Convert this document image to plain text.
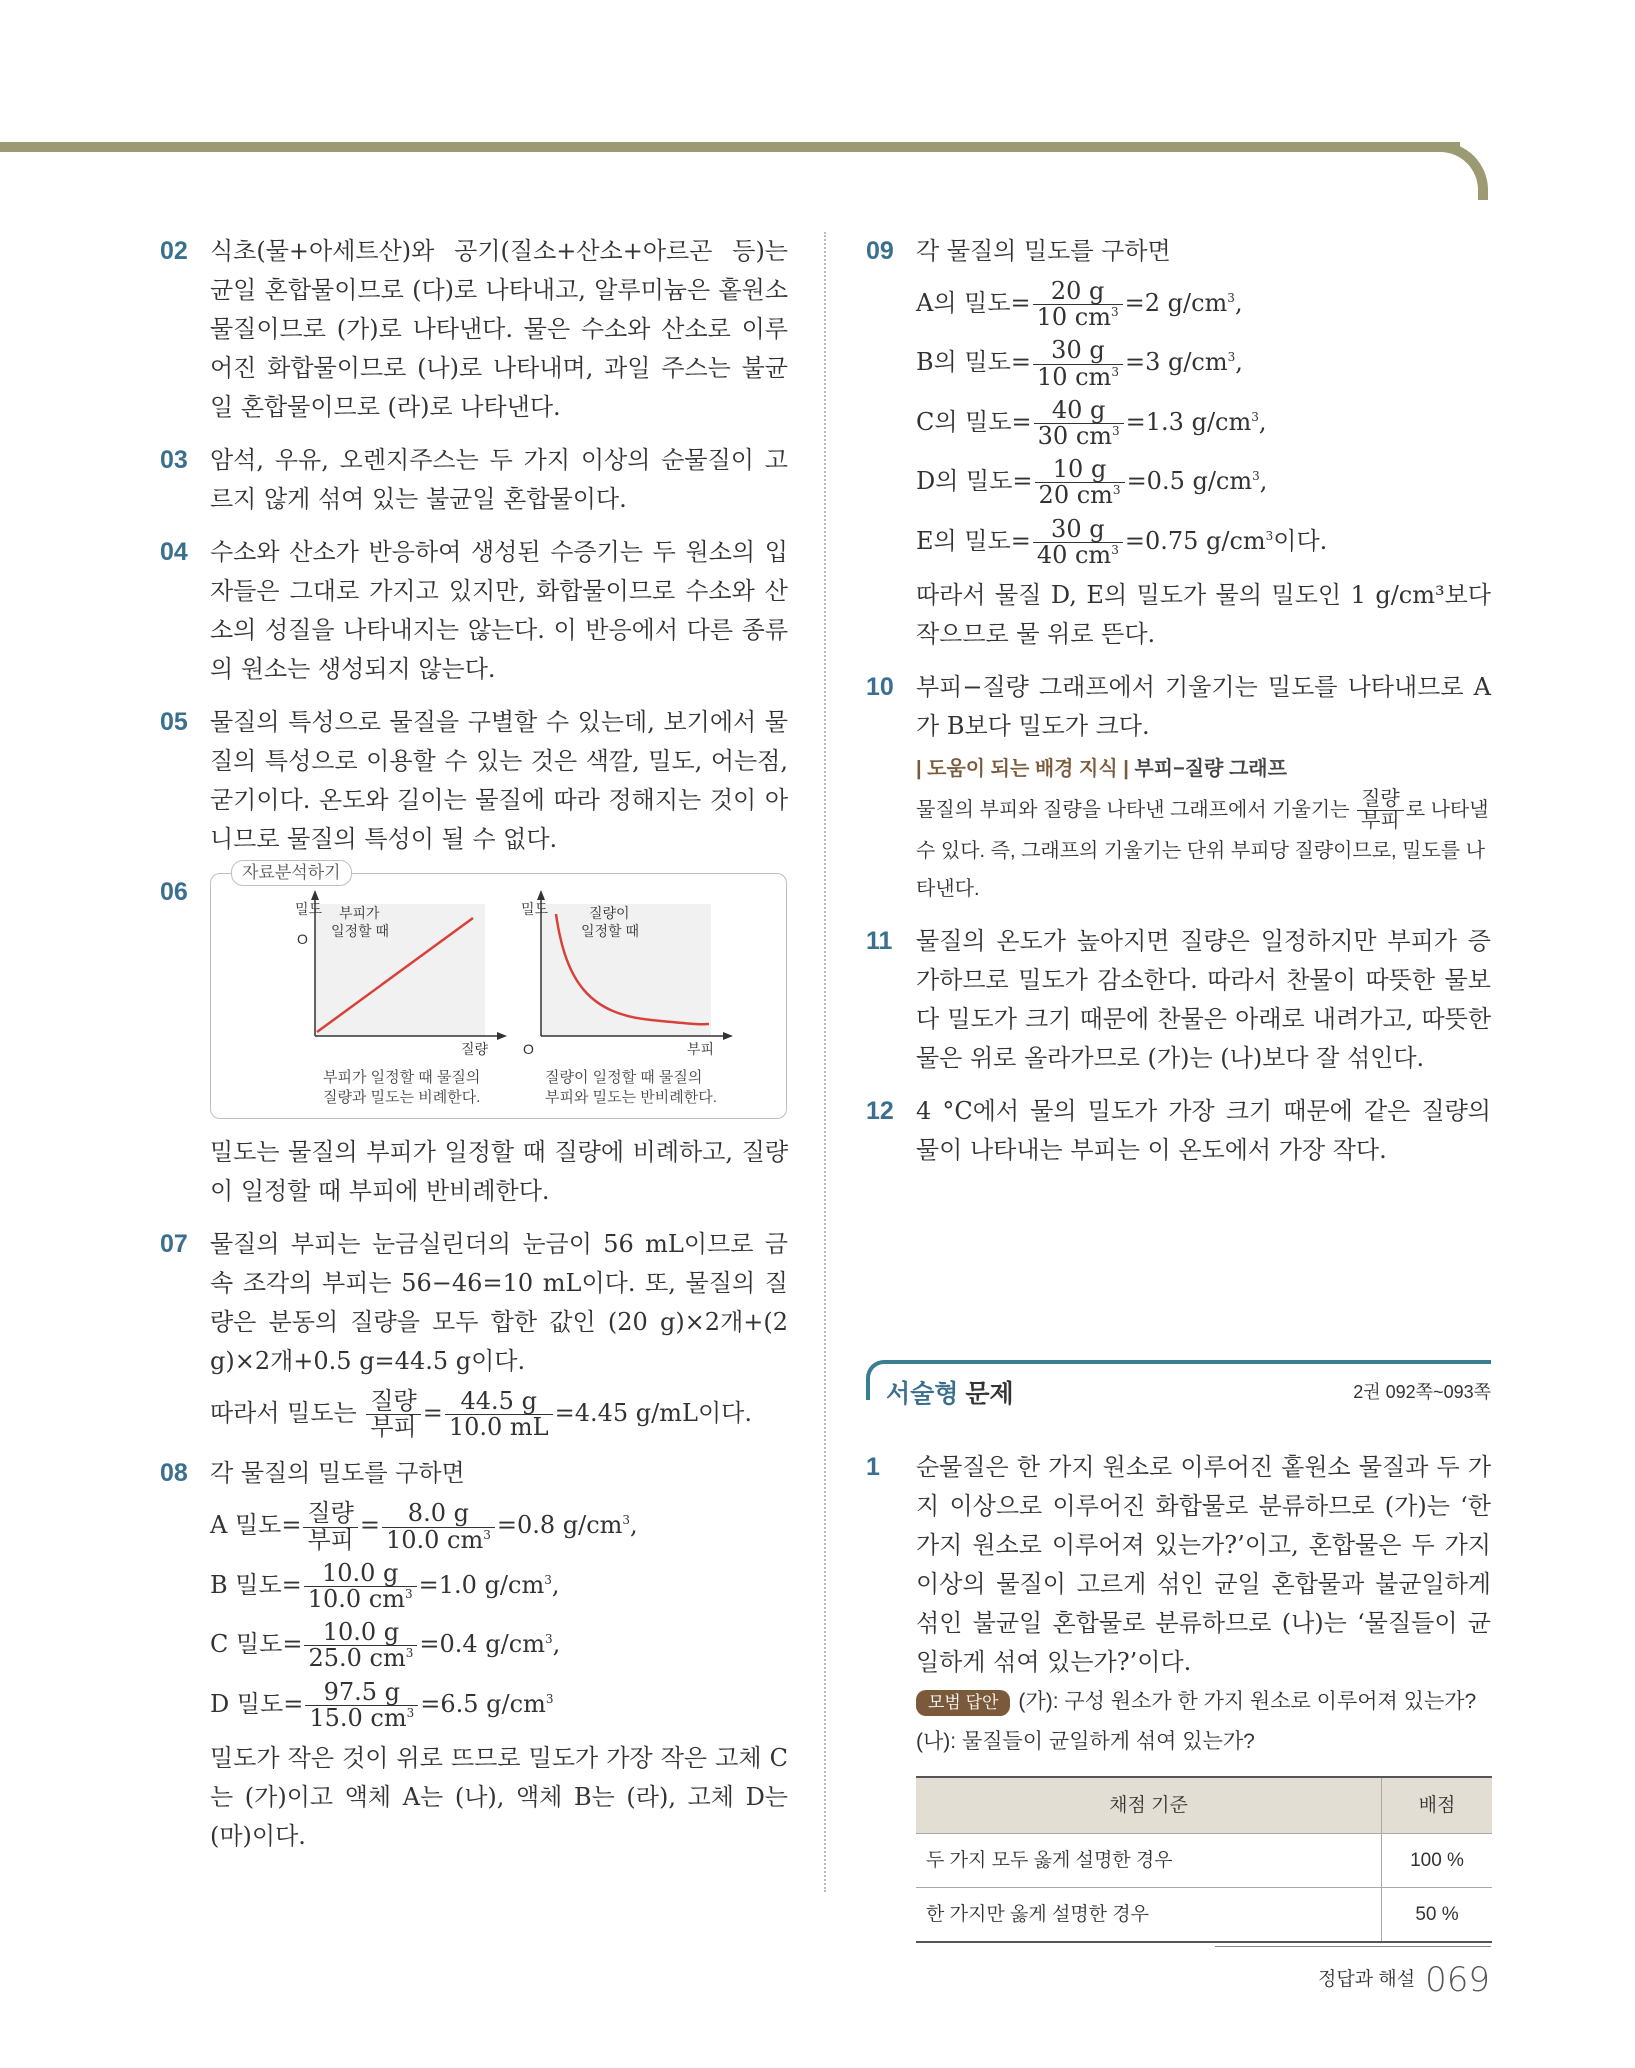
02 식초(물+아세트산)와 공기(질소+산소+아르곤 등)는 균일 혼합물이므로 (다)로 나타내고, 알루미늄은 홑원소 물질이므로 (가)로 나타낸다. 물은 수소와 산소로 이루어진 화합물이므로 (나)로 나타내며, 과일 주스는 불균일 혼합물이므로 (라)로 나타낸다.

03 암석, 우유, 오렌지주스는 두 가지 이상의 순물질이 고르지 않게 섞여 있는 불균일 혼합물이다.

04 수소와 산소가 반응하여 생성된 수증기는 두 원소의 입자들은 그대로 가지고 있지만, 화합물이므로 수소와 산소의 성질을 나타내지는 않는다. 이 반응에서 다른 종류의 원소는 생성되지 않는다.

05 물질의 특성으로 물질을 구별할 수 있는데, 보기에서 물질의 특성으로 이용할 수 있는 것은 색깔, 밀도, 어는점, 굳기이다. 온도와 길이는 물질에 따라 정해지는 것이 아니므로 물질의 특성이 될 수 없다.

06
자료분석하기
밀도
O
부피가
일정할 때
질량
부피가 일정할 때 물질의
질량과 밀도는 비례한다.
밀도
O
질량이
일정할 때
부피
질량이 일정할 때 물질의
부피와 밀도는 반비례한다.

밀도는 물질의 부피가 일정할 때 질량에 비례하고, 질량이 일정할 때 부피에 반비례한다.

07 물질의 부피는 눈금실린더의 눈금이 56 mL이므로 금속 조각의 부피는 56−46=10 mL이다. 또, 물질의 질량은 분동의 질량을 모두 합한 값인 (20 g)×2개+(2 g)×2개+0.5 g=44.5 g이다.

따라서 밀도는 $\frac{\text{질량}}{\text{부피}} = \frac{44.5 g}{10.0 mL} =4.45$ g/mL이다.
08 각 물질의 밀도를 구하면

A 밀도= $\frac{\text{질량}}{\text{부피}} = \frac{8.0 g}{10.0 cm^3} =0.8$ $g/cm^3$,
B 밀도= $\frac{10.0 g}{10.0 cm^3} =1.0$ $g/cm^3$,
C 밀도= $\frac{10.0 g}{25.0 cm^3} =0.4$ $g/cm^3$,
D 밀도= $\frac{97.5 g}{15.0 cm^3} =6.5$ $g/cm^3$

밀도가 작은 것이 위로 뜨므로 밀도가 가장 작은 고체 C는 (가)이고 액체 A는 (나), 액체 B는 (라), 고체 D는 (마)이다.

09 각 물질의 밀도를 구하면

A의 밀도= $\frac{20 g}{10 cm^3} =2$ $g/cm^3$,
B의 밀도= $\frac{30 g}{10 cm^3} =3$ $g/cm^3$,
C의 밀도= $\frac{40 g}{30 cm^3} =1.3$ $g/cm^3$,
D의 밀도= $\frac{10 g}{20 cm^3} =0.5$ $g/cm^3$,
E의 밀도= $\frac{30 g}{40 cm^3} =0.75$ $g/cm^3$이다.

따라서 물질 D, E의 밀도가 물의 밀도인 1 g/cm³보다 작으므로 물 위로 뜬다.

10 부피−질량 그래프에서 기울기는 밀도를 나타내므로 A가 B보다 밀도가 크다.

| 도움이 되는 배경 지식 | 부피−질량 그래프
물질의 부피와 질량을 나타낸 그래프에서 기울기는 $\frac{\text{질량}}{\text{부피}}$ 로 나타낼 수 있다. 즉, 그래프의 기울기는 단위 부피당 질량이므로, 밀도를 나타낸다.
11 물질의 온도가 높아지면 질량은 일정하지만 부피가 증가하므로 밀도가 감소한다. 따라서 찬물이 따뜻한 물보다 밀도가 크기 때문에 찬물은 아래로 내려가고, 따뜻한 물은 위로 올라가므로 (가)는 (나)보다 잘 섞인다.

12 4 °C에서 물의 밀도가 가장 크기 때문에 같은 질량의 물이 나타내는 부피는 이 온도에서 가장 작다.

서술형 문제	2권 092쪽~093쪽
1 순물질은 한 가지 원소로 이루어진 홑원소 물질과 두 가지 이상으로 이루어진 화합물로 분류하므로 (가)는 ‘한 가지 원소로 이루어져 있는가?’이고, 혼합물은 두 가지 이상의 물질이 고르게 섞인 균일 혼합물과 불균일하게 섞인 불균일 혼합물로 분류하므로 (나)는 ‘물질들이 균일하게 섞여 있는가?’이다.

모범 답안 (가): 구성 원소가 한 가지 원소로 이루어져 있는가?
(나): 물질들이 균일하게 섞여 있는가?
채점 기준	배점
두 가지 모두 옳게 설명한 경우	100 %
한 가지만 옳게 설명한 경우	50 %
정답과 해설 069
